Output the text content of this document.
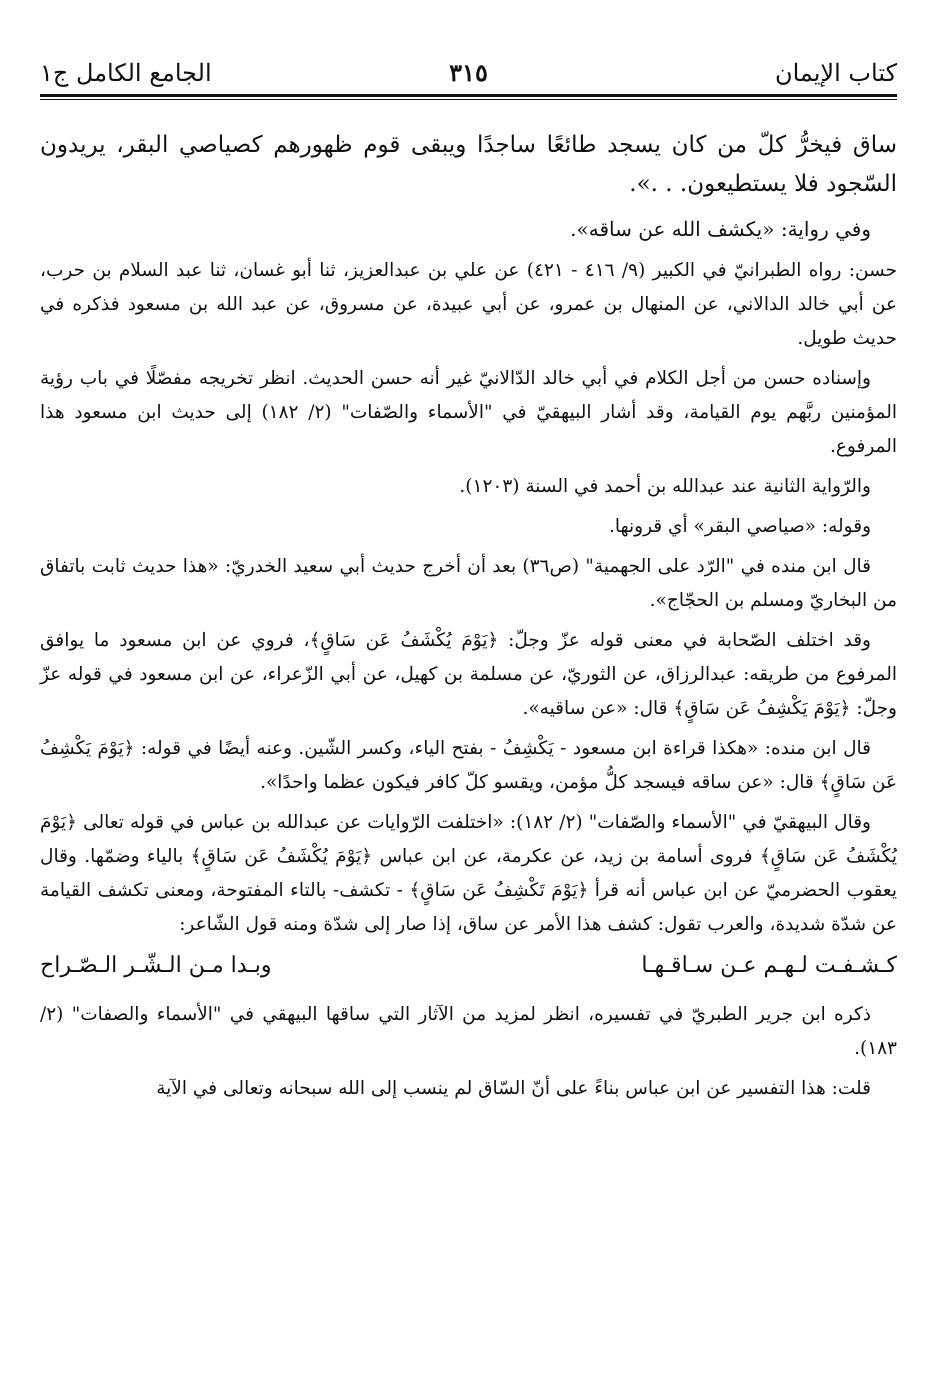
كتاب الإيمان
٣١٥
الجامع الكامل ج١

ساق فيخرُّ كلّ من كان يسجد طائعًا ساجدًا ويبقى قوم ظهورهم كصياصي البقر، يريدون السّجود فلا يستطيعون. . .».

وفي رواية: «يكشف الله عن ساقه».

حسن: رواه الطبرانيّ في الكبير (٩/ ٤١٦ - ٤٢١) عن علي بن عبدالعزيز، ثنا أبو غسان، ثنا عبد السلام بن حرب، عن أبي خالد الدالاني، عن المنهال بن عمرو، عن أبي عبيدة، عن مسروق، عن عبد الله بن مسعود فذكره في حديث طويل.

وإسناده حسن من أجل الكلام في أبي خالد الدّالانيّ غير أنه حسن الحديث. انظر تخريجه مفصّلًا في باب رؤية المؤمنين ربَّهم يوم القيامة، وقد أشار البيهقيّ في "الأسماء والصّفات" (٢/ ١٨٢) إلى حديث ابن مسعود هذا المرفوع.

والرّواية الثانية عند عبدالله بن أحمد في السنة (١٢٠٣).

وقوله: «صياصي البقر» أي قرونها.

قال ابن منده في "الرّد على الجهمية" (ص٣٦) بعد أن أخرج حديث أبي سعيد الخدريّ: «هذا حديث ثابت باتفاق من البخاريّ ومسلم بن الحجّاج».

وقد اختلف الصّحابة في معنى قوله عزّ وجلّ: ﴿يَوْمَ يُكْشَفُ عَن سَاقٍ﴾، فروي عن ابن مسعود ما يوافق المرفوع من طريقه: عبدالرزاق، عن الثوريّ، عن مسلمة بن كهيل، عن أبي الزّعراء، عن ابن مسعود في قوله عزّ وجلّ: ﴿يَوْمَ يَكْشِفُ عَن سَاقٍ﴾ قال: «عن ساقيه».

قال ابن منده: «هكذا قراءة ابن مسعود - يَكْشِفُ - بفتح الياء، وكسر الشّين. وعنه أيضًا في قوله: ﴿يَوْمَ يَكْشِفُ عَن سَاقٍ﴾ قال: «عن ساقه فيسجد كلُّ مؤمن، ويقسو كلّ كافر فيكون عظما واحدًا».

وقال البيهقيّ في "الأسماء والصّفات" (٢/ ١٨٢): «اختلفت الرّوايات عن عبدالله بن عباس في قوله تعالى ﴿يَوْمَ يُكْشَفُ عَن سَاقٍ﴾ فروى أسامة بن زيد، عن عكرمة، عن ابن عباس ﴿يَوْمَ يُكْشَفُ عَن سَاقٍ﴾ بالياء وضمّها. وقال يعقوب الحضرميّ عن ابن عباس أنه قرأ ﴿يَوْمَ تَكْشِفُ عَن سَاقٍ﴾ - تكشف- بالتاء المفتوحة، ومعنى تكشف القيامة عن شدّة شديدة، والعرب تقول: كشف هذا الأمر عن ساق، إذا صار إلى شدّة ومنه قول الشّاعر:

كـشـفـت لـهـم عـن سـاقـهـا
وبـدا مـن الـشّـر الـصّـراح

ذكره ابن جرير الطبريّ في تفسيره، انظر لمزيد من الآثار التي ساقها البيهقي في "الأسماء والصفات" (٢/ ١٨٣).

قلت: هذا التفسير عن ابن عباس بناءً على أنّ السّاق لم ينسب إلى الله سبحانه وتعالى في الآية
